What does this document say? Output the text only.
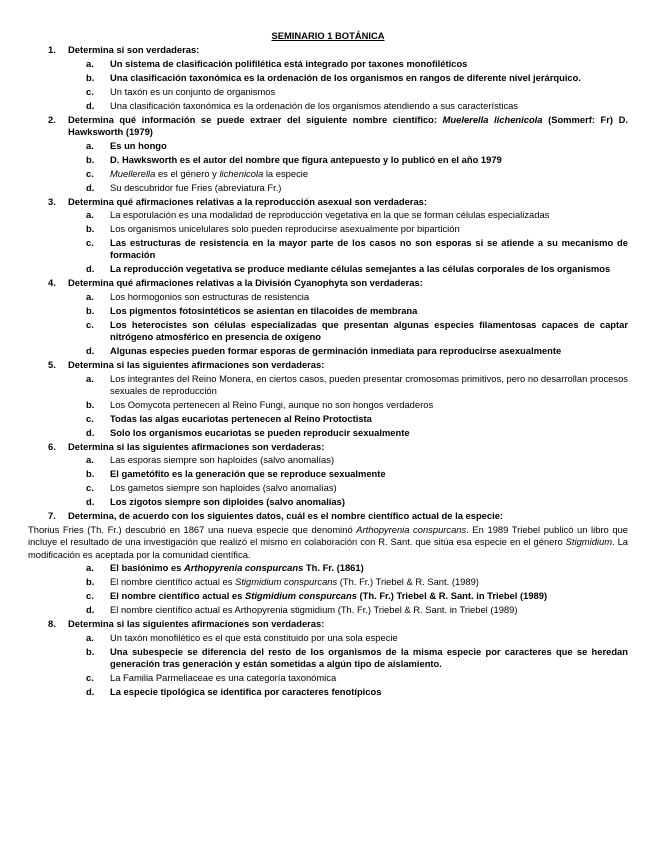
SEMINARIO 1 BOTÁNICA
1. Determina si son verdaderas:
a. Un sistema de clasificación polifilética está integrado por taxones monofiléticos
b. Una clasificación taxonómica es la ordenación de los organismos en rangos de diferente nivel jerárquico.
c. Un taxón es un conjunto de organismos
d. Una clasificación taxonómica es la ordenación de los organismos atendiendo a sus características
2. Determina qué información se puede extraer del siguiente nombre científico: Muelerella lichenicola (Sommerf: Fr) D. Hawksworth (1979)
a. Es un hongo
b. D. Hawksworth es el autor del nombre que figura antepuesto y lo publicó en el año 1979
c. Muellerella es el género y lichenicola la especie
d. Su descubridor fue Fries (abreviatura Fr.)
3. Determina qué afirmaciones relativas a la reproducción asexual son verdaderas:
a. La esporulación es una modalidad de reproducción vegetativa en la que se forman células especializadas
b. Los organismos unicelulares solo pueden reproducirse asexualmente por bipartición
c. Las estructuras de resistencia en la mayor parte de los casos no son esporas si se atiende a su mecanismo de formación
d. La reproducción vegetativa se produce mediante células semejantes a las células corporales de los organismos
4. Determina qué afirmaciones relativas a la División Cyanophyta son verdaderas:
a. Los hormogonios son estructuras de resistencia
b. Los pigmentos fotosintéticos se asientan en tilacoides de membrana
c. Los heterocistes son células especializadas que presentan algunas especies filamentosas capaces de captar nitrógeno atmosférico en presencia de oxígeno
d. Algunas especies pueden formar esporas de germinación inmediata para reproducirse asexualmente
5. Determina si las siguientes afirmaciones son verdaderas:
a. Los integrantes del Reino Monera, en ciertos casos, pueden presentar cromosomas primitivos, pero no desarrollan procesos sexuales de reproducción
b. Los Oomycota pertenecen al Reino Fungi, aunque no son hongos verdaderos
c. Todas las algas eucariotas pertenecen al Reino Protoctista
d. Solo los organismos eucariotas se pueden reproducir sexualmente
6. Determina si las siguientes afirmaciones son verdaderas:
a. Las esporas siempre son haploides (salvo anomalías)
b. El gametófito es la generación que se reproduce sexualmente
c. Los gametos siempre son haploides (salvo anomalías)
d. Los zigotos siempre son diploides (salvo anomalías)
7. Determina, de acuerdo con los siguientes datos, cuál es el nombre científico actual de la especie:
Thorius Fries (Th. Fr.) descubrió en 1867 una nueva especie que denominó Arthopyrenia conspurcans. En 1989 Triebel publicó un libro que incluye el resultado de una investigación que realizó el mismo en colaboración con R. Sant. que sitúa esa especie en el género Stigmidium. La modificación es aceptada por la comunidad científica.
a. El basiónimo es Arthopyrenia conspurcans Th. Fr. (1861)
b. El nombre científico actual es Stigmidium conspurcans (Th. Fr.) Triebel & R. Sant. (1989)
c. El nombre científico actual es Stigmidium conspurcans (Th. Fr.) Triebel & R. Sant. in Triebel (1989)
d. El nombre científico actual es Arthopyrenia stigmidium (Th. Fr.) Triebel & R. Sant. in Triebel (1989)
8. Determina si las siguientes afirmaciones son verdaderas:
a. Un taxón monofilético es el que está constituido por una sola especie
b. Una subespecie se diferencia del resto de los organismos de la misma especie por caracteres que se heredan generación tras generación y están sometidas a algún tipo de aislamiento.
c. La Familia Parmeliaceae es una categoría taxonómica
d. La especie tipológica se identifica por caracteres fenotípicos
